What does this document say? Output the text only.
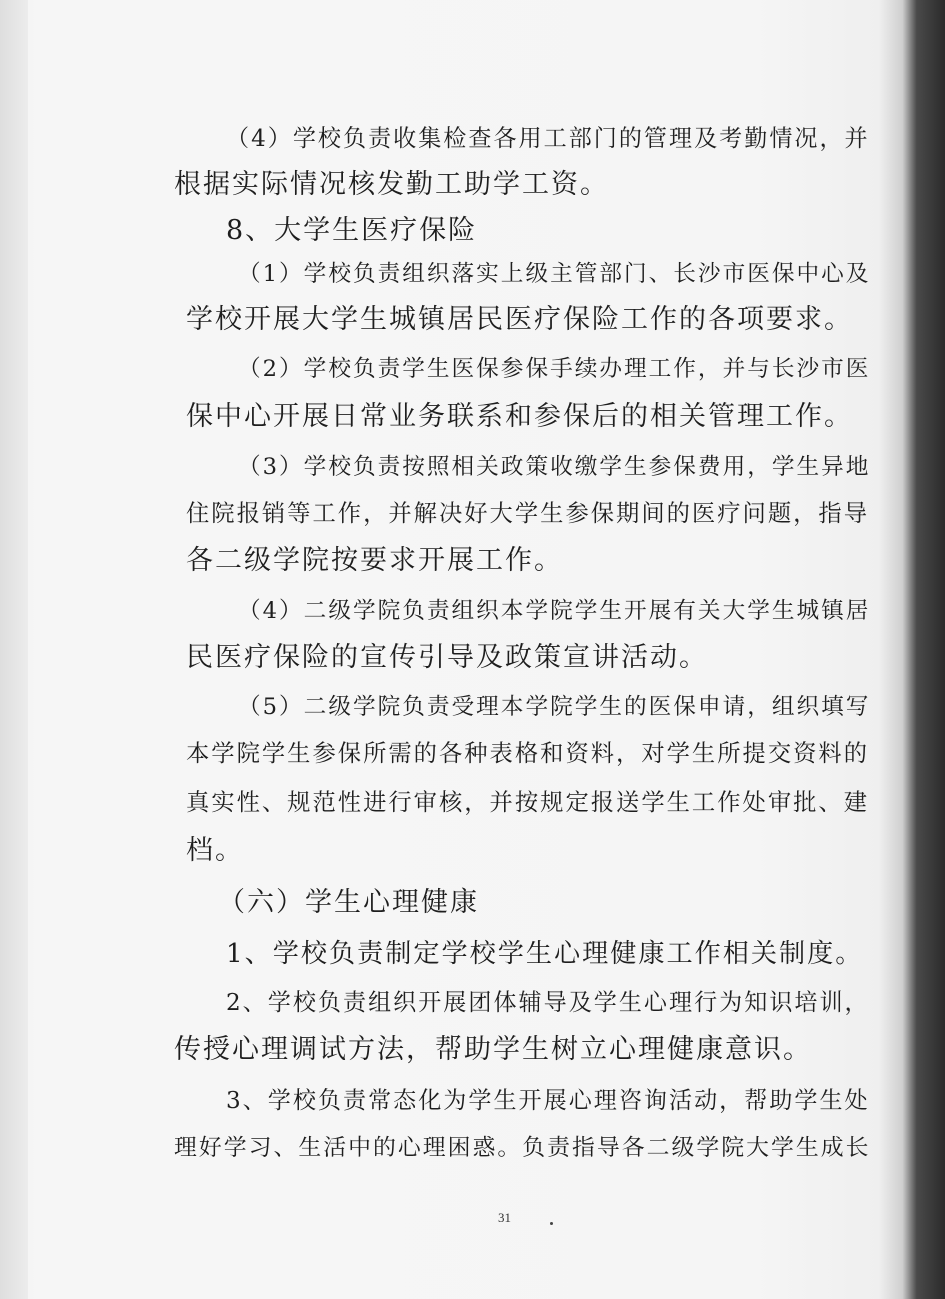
（4）学校负责收集检查各用工部门的管理及考勤情况，并
根据实际情况核发勤工助学工资。
8、大学生医疗保险
（1）学校负责组织落实上级主管部门、长沙市医保中心及
学校开展大学生城镇居民医疗保险工作的各项要求。
（2）学校负责学生医保参保手续办理工作，并与长沙市医
保中心开展日常业务联系和参保后的相关管理工作。
（3）学校负责按照相关政策收缴学生参保费用，学生异地
住院报销等工作，并解决好大学生参保期间的医疗问题，指导
各二级学院按要求开展工作。
（4）二级学院负责组织本学院学生开展有关大学生城镇居
民医疗保险的宣传引导及政策宣讲活动。
（5）二级学院负责受理本学院学生的医保申请，组织填写
本学院学生参保所需的各种表格和资料，对学生所提交资料的
真实性、规范性进行审核，并按规定报送学生工作处审批、建
档。
（六）学生心理健康
1、学校负责制定学校学生心理健康工作相关制度。
2、学校负责组织开展团体辅导及学生心理行为知识培训，
传授心理调试方法，帮助学生树立心理健康意识。
3、学校负责常态化为学生开展心理咨询活动，帮助学生处
理好学习、生活中的心理困惑。负责指导各二级学院大学生成长
31
